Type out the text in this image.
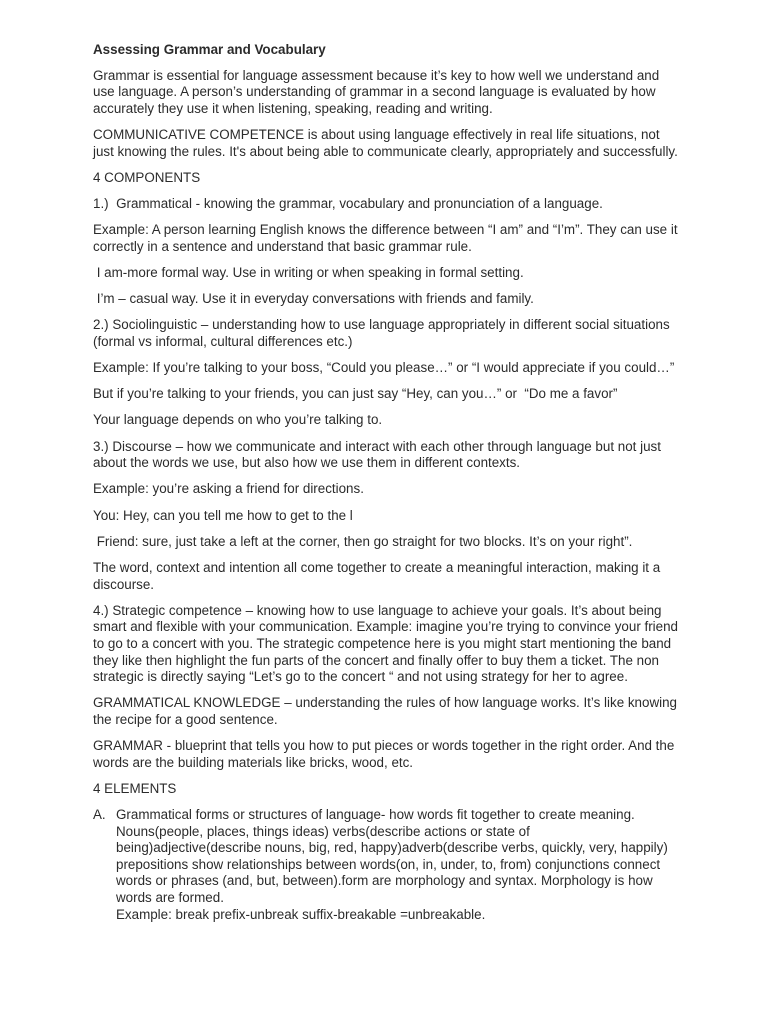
Assessing Grammar and Vocabulary

Grammar is essential for language assessment because it’s key to how well we understand and use language. A person’s understanding of grammar in a second language is evaluated by how accurately they use it when listening, speaking, reading and writing.

COMMUNICATIVE COMPETENCE is about using language effectively in real life situations, not just knowing the rules. It's about being able to communicate clearly, appropriately and successfully.

4 COMPONENTS

1.)  Grammatical - knowing the grammar, vocabulary and pronunciation of a language.

Example: A person learning English knows the difference between “I am” and “I’m”. They can use it correctly in a sentence and understand that basic grammar rule.

I am-more formal way. Use in writing or when speaking in formal setting.

I’m – casual way. Use it in everyday conversations with friends and family.

2.) Sociolinguistic – understanding how to use language appropriately in different social situations (formal vs informal, cultural differences etc.)

Example: If you’re talking to your boss, “Could you please…” or “I would appreciate if you could…”

But if you’re talking to your friends, you can just say “Hey, can you…” or  “Do me a favor”

Your language depends on who you’re talking to.

3.) Discourse – how we communicate and interact with each other through language but not just about the words we use, but also how we use them in different contexts.

Example: you’re asking a friend for directions.

You: Hey, can you tell me how to get to the l

Friend: sure, just take a left at the corner, then go straight for two blocks. It’s on your right”.

The word, context and intention all come together to create a meaningful interaction, making it a discourse.

4.) Strategic competence – knowing how to use language to achieve your goals. It’s about being smart and flexible with your communication. Example: imagine you’re trying to convince your friend to go to a concert with you. The strategic competence here is you might start mentioning the band they like then highlight the fun parts of the concert and finally offer to buy them a ticket. The non strategic is directly saying “Let’s go to the concert “ and not using strategy for her to agree.

GRAMMATICAL KNOWLEDGE – understanding the rules of how language works. It’s like knowing the recipe for a good sentence.

GRAMMAR - blueprint that tells you how to put pieces or words together in the right order. And the words are the building materials like bricks, wood, etc.

4 ELEMENTS

A. Grammatical forms or structures of language- how words fit together to create meaning. Nouns(people, places, things ideas) verbs(describe actions or state of being)adjective(describe nouns, big, red, happy)adverb(describe verbs, quickly, very, happily) prepositions show relationships between words(on, in, under, to, from) conjunctions connect words or phrases (and, but, between).form are morphology and syntax. Morphology is how words are formed.

Example: break prefix-unbreak suffix-breakable =unbreakable.
